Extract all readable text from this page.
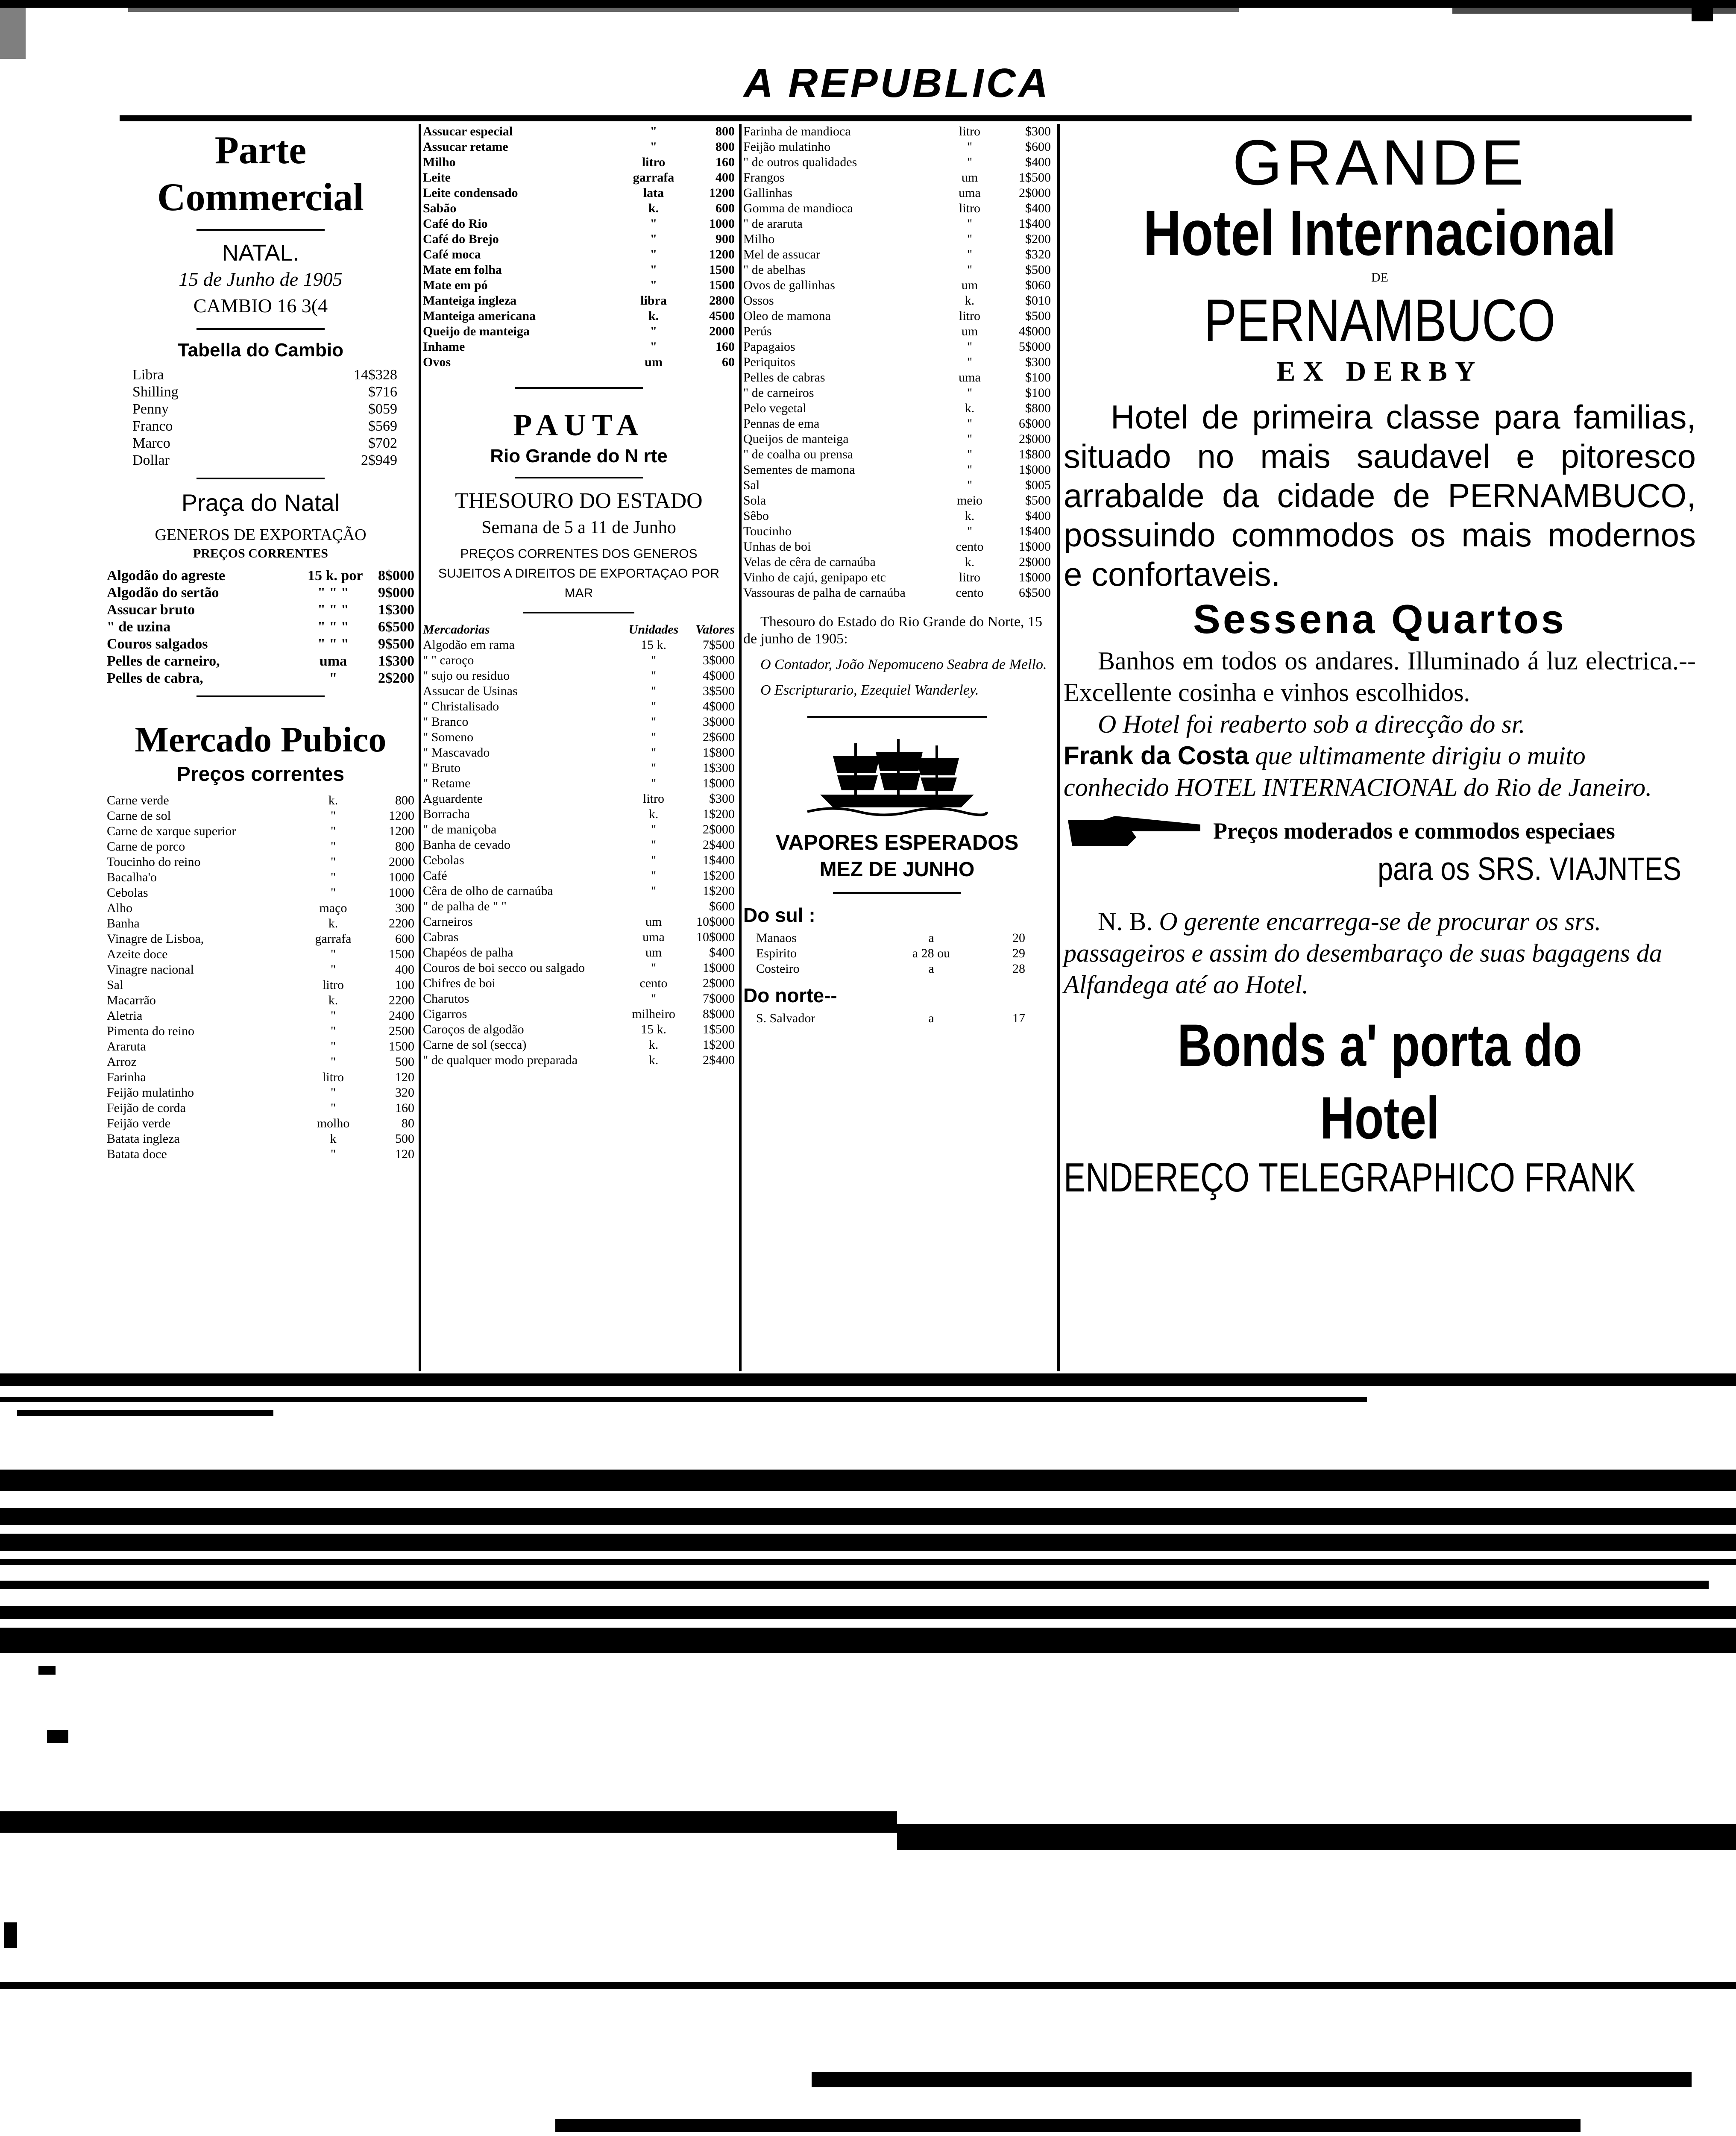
A REPUBLICA
Parte Commercial
NATAL.
15 de Junho de 1905
CAMBIO 16 3(4
Tabella do Cambio
Libra	14$328
Shilling	$716
Penny	$059
Franco	$569
Marco	$702
Dollar	2$949
Praça do Natal
GENEROS DE EXPORTAÇÃO
PREÇOS CORRENTES
Algodão do agreste	15 k. por	8$000
Algodão do sertão	" " "	9$000
Assucar bruto	" " "	1$300
" de uzina	" " "	6$500
Couros salgados	" " "	9$500
Pelles de carneiro,	uma	1$300
Pelles de cabra,	"	2$200
Mercado Pubico
Preços correntes
Carne verde	k.	800
Carne de sol	"	1200
Carne de xarque superior	"	1200
Carne de porco	"	800
Toucinho do reino	"	2000
Bacalha'o	"	1000
Cebolas	"	1000
Alho	maço	300
Banha	k.	2200
Vinagre de Lisboa,	garrafa	600
Azeite doce	"	1500
Vinagre nacional	"	400
Sal	litro	100
Macarrão	k.	2200
Aletria	"	2400
Pimenta do reino	"	2500
Araruta	"	1500
Arroz	"	500
Farinha	litro	120
Feijão mulatinho	"	320
Feijão de corda	"	160
Feijão verde	molho	80
Batata ingleza	k	500
Batata doce	"	120
Assucar especial	"	800
Assucar retame	"	800
Milho	litro	160
Leite	garrafa	400
Leite condensado	lata	1200
Sabão	k.	600
Café do Rio	"	1000
Café do Brejo	"	900
Café moca	"	1200
Mate em folha	"	1500
Mate em pó	"	1500
Manteiga ingleza	libra	2800
Manteiga americana	k.	4500
Queijo de manteiga	"	2000
Inhame	"	160
Ovos	um	60
PAUTA
Rio Grande do N rte
THESOURO DO ESTADO
Semana de 5 a 11 de Junho
PREÇOS CORRENTES DOS GENEROS SUJEITOS A DIREITOS DE EXPORTAÇAO POR MAR
Mercadorias	Unidades	Valores
Algodão em rama	15 k.	7$500
" " caroço	"	3$000
" sujo ou residuo	"	4$000
Assucar de Usinas	"	3$500
" Christalisado	"	4$000
" Branco	"	3$000
" Someno	"	2$600
" Mascavado	"	1$800
" Bruto	"	1$300
" Retame	"	1$000
Aguardente	litro	$300
Borracha	k.	1$200
" de maniçoba	"	2$000
Banha de cevado	"	2$400
Cebolas	"	1$400
Café	"	1$200
Cêra de olho de carnaúba	"	1$200
" de palha de " "	$600
Carneiros	um	10$000
Cabras	uma	10$000
Chapéos de palha	um	$400
Couros de boi secco ou salgado	"	1$000
Chifres de boi	cento	2$000
Charutos	"	7$000
Cigarros	milheiro	8$000
Caroços de algodão	15 k.	1$500
Carne de sol (secca)	k.	1$200
" de qualquer modo preparada	k.	2$400
Farinha de mandioca	litro	$300
Feijão mulatinho	"	$600
" de outros qualidades	"	$400
Frangos	um	1$500
Gallinhas	uma	2$000
Gomma de mandioca	litro	$400
" de araruta	"	1$400
Milho	"	$200
Mel de assucar	"	$320
" de abelhas	"	$500
Ovos de gallinhas	um	$060
Ossos	k.	$010
Oleo de mamona	litro	$500
Perús	um	4$000
Papagaios	"	5$000
Periquitos	"	$300
Pelles de cabras	uma	$100
" de carneiros	"	$100
Pelo vegetal	k.	$800
Pennas de ema	"	6$000
Queijos de manteiga	"	2$000
" de coalha ou prensa	"	1$800
Sementes de mamona	"	1$000
Sal	"	$005
Sola	meio	$500
Sêbo	k.	$400
Toucinho	"	1$400
Unhas de boi	cento	1$000
Velas de cêra de carnaúba	k.	2$000
Vinho de cajú, genipapo etc	litro	1$000
Vassouras de palha de carnaúba	cento	6$500
Thesouro do Estado do Rio Grande do Norte, 15 de junho de 1905:
O Contador, João Nepomuceno Seabra de Mello.
O Escripturario, Ezequiel Wanderley.
VAPORES ESPERADOS
MEZ DE JUNHO
Do sul :
Manaos	a	20
Espirito	a 28 ou	29
Costeiro	a	28
Do norte--
S. Salvador	a	17
GRANDE
Hotel Internacional
DE
PERNAMBUCO
EX DERBY
Hotel de primeira classe para familias, situado no mais saudavel e pitoresco arrabalde da cidade de PERNAMBUCO, possuindo commodos os mais modernos e confortaveis.
Sessena Quartos
Banhos em todos os andares. Illuminado á luz electrica.--Excellente cosinha e vinhos escolhidos.
O Hotel foi reaberto sob a direcção do sr.
Frank da Costa que ultimamente dirigiu o muito conhecido HOTEL INTERNACIONAL do Rio de Janeiro.
Preços moderados e commodos especiaes
para os SRS. VIAJNTES
N. B. O gerente encarrega-se de procurar os srs. passageiros e assim do desembaraço de suas bagagens da Alfandega até ao Hotel.
Bonds a' porta do Hotel
ENDEREÇO TELEGRAPHICO FRANK
